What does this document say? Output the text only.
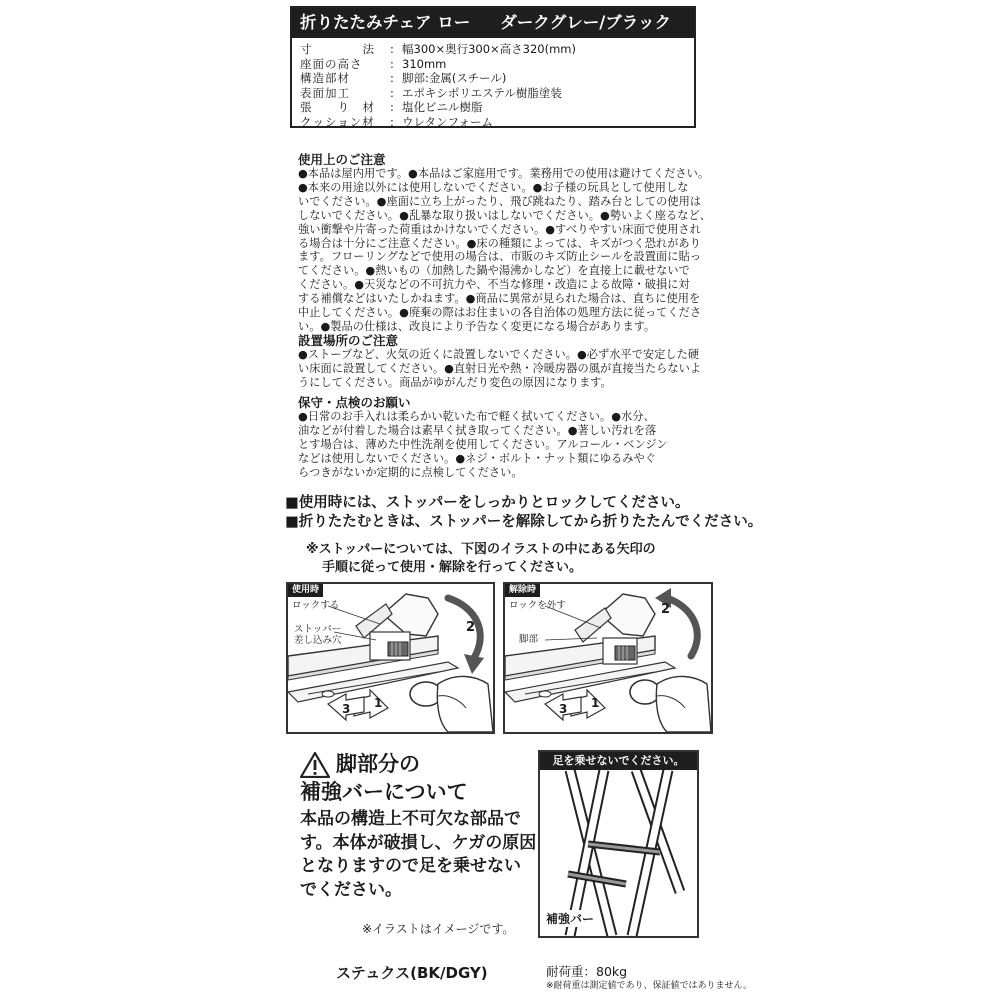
折りたたみチェア ロー ダークグレー/ブラック
寸　　　　法 : 幅300×奥行300×高さ320(mm)
座面の高さ : 310mm
構造部材	: 脚部:金属(スチール)
表面加工	: エポキシポリエステル樹脂塗装
張　　り　材 : 塩化ビニル樹脂
クッション材 : ウレタンフォーム
使用上のご注意
●本品は屋内用です。●本品はご家庭用です。業務用での使用は避けてください。
●本来の用途以外には使用しないでください。●お子様の玩具として使用しな
いでください。●座面に立ち上がったり、飛び跳ねたり、踏み台としての使用は
しないでください。●乱暴な取り扱いはしないでください。●勢いよく座るなど、
強い衝撃や片寄った荷重はかけないでください。●すべりやすい床面で使用され
る場合は十分にご注意ください。●床の種類によっては、キズがつく恐れがあり
ます。フローリングなどで使用の場合は、市販のキズ防止シールを設置面に貼っ
てください。●熱いもの（加熱した鍋や湯沸かしなど）を直接上に載せないで
ください。●天災などの不可抗力や、不当な修理・改造による故障・破損に対
する補償などはいたしかねます。●商品に異常が見られた場合は、直ちに使用を
中止してください。●廃棄の際はお住まいの各自治体の処理方法に従ってくださ
い。●製品の仕様は、改良により予告なく変更になる場合があります。
設置場所のご注意
●ストーブなど、火気の近くに設置しないでください。●必ず水平で安定した硬
い床面に設置してください。●直射日光や熱・冷暖房器の風が直接当たらないよ
うにしてください。商品がゆがんだり変色の原因になります。
保守・点検のお願い
●日常のお手入れは柔らかい乾いた布で軽く拭いてください。●水分、
油などが付着した場合は素早く拭き取ってください。●著しい汚れを落
とす場合は、薄めた中性洗剤を使用してください。アルコール・ベンジン
などは使用しないでください。●ネジ・ボルト・ナット類にゆるみやぐ
らつきがないか定期的に点検してください。
■使用時には、ストッパーをしっかりとロックしてください。
■折りたたむときは、ストッパーを解除してから折りたたんでください。
※ストッパーについては、下図のイラストの中にある矢印の
手順に従って使用・解除を行ってください。
使用時
ロックする
ストッパー
差し込み穴
2
1
3
解除時
ロックを外す
脚部
2
1
3
脚部分の
補強バーについて
本品の構造上不可欠な部品で
す。本体が破損し、ケガの原因
となりますので足を乗せない
でください。
※イラストはイメージです。
足を乗せないでください。
補強バー
ステュクス(BK/DGY)	耐荷重：80kg
※耐荷重は測定値であり、保証値ではありません。
